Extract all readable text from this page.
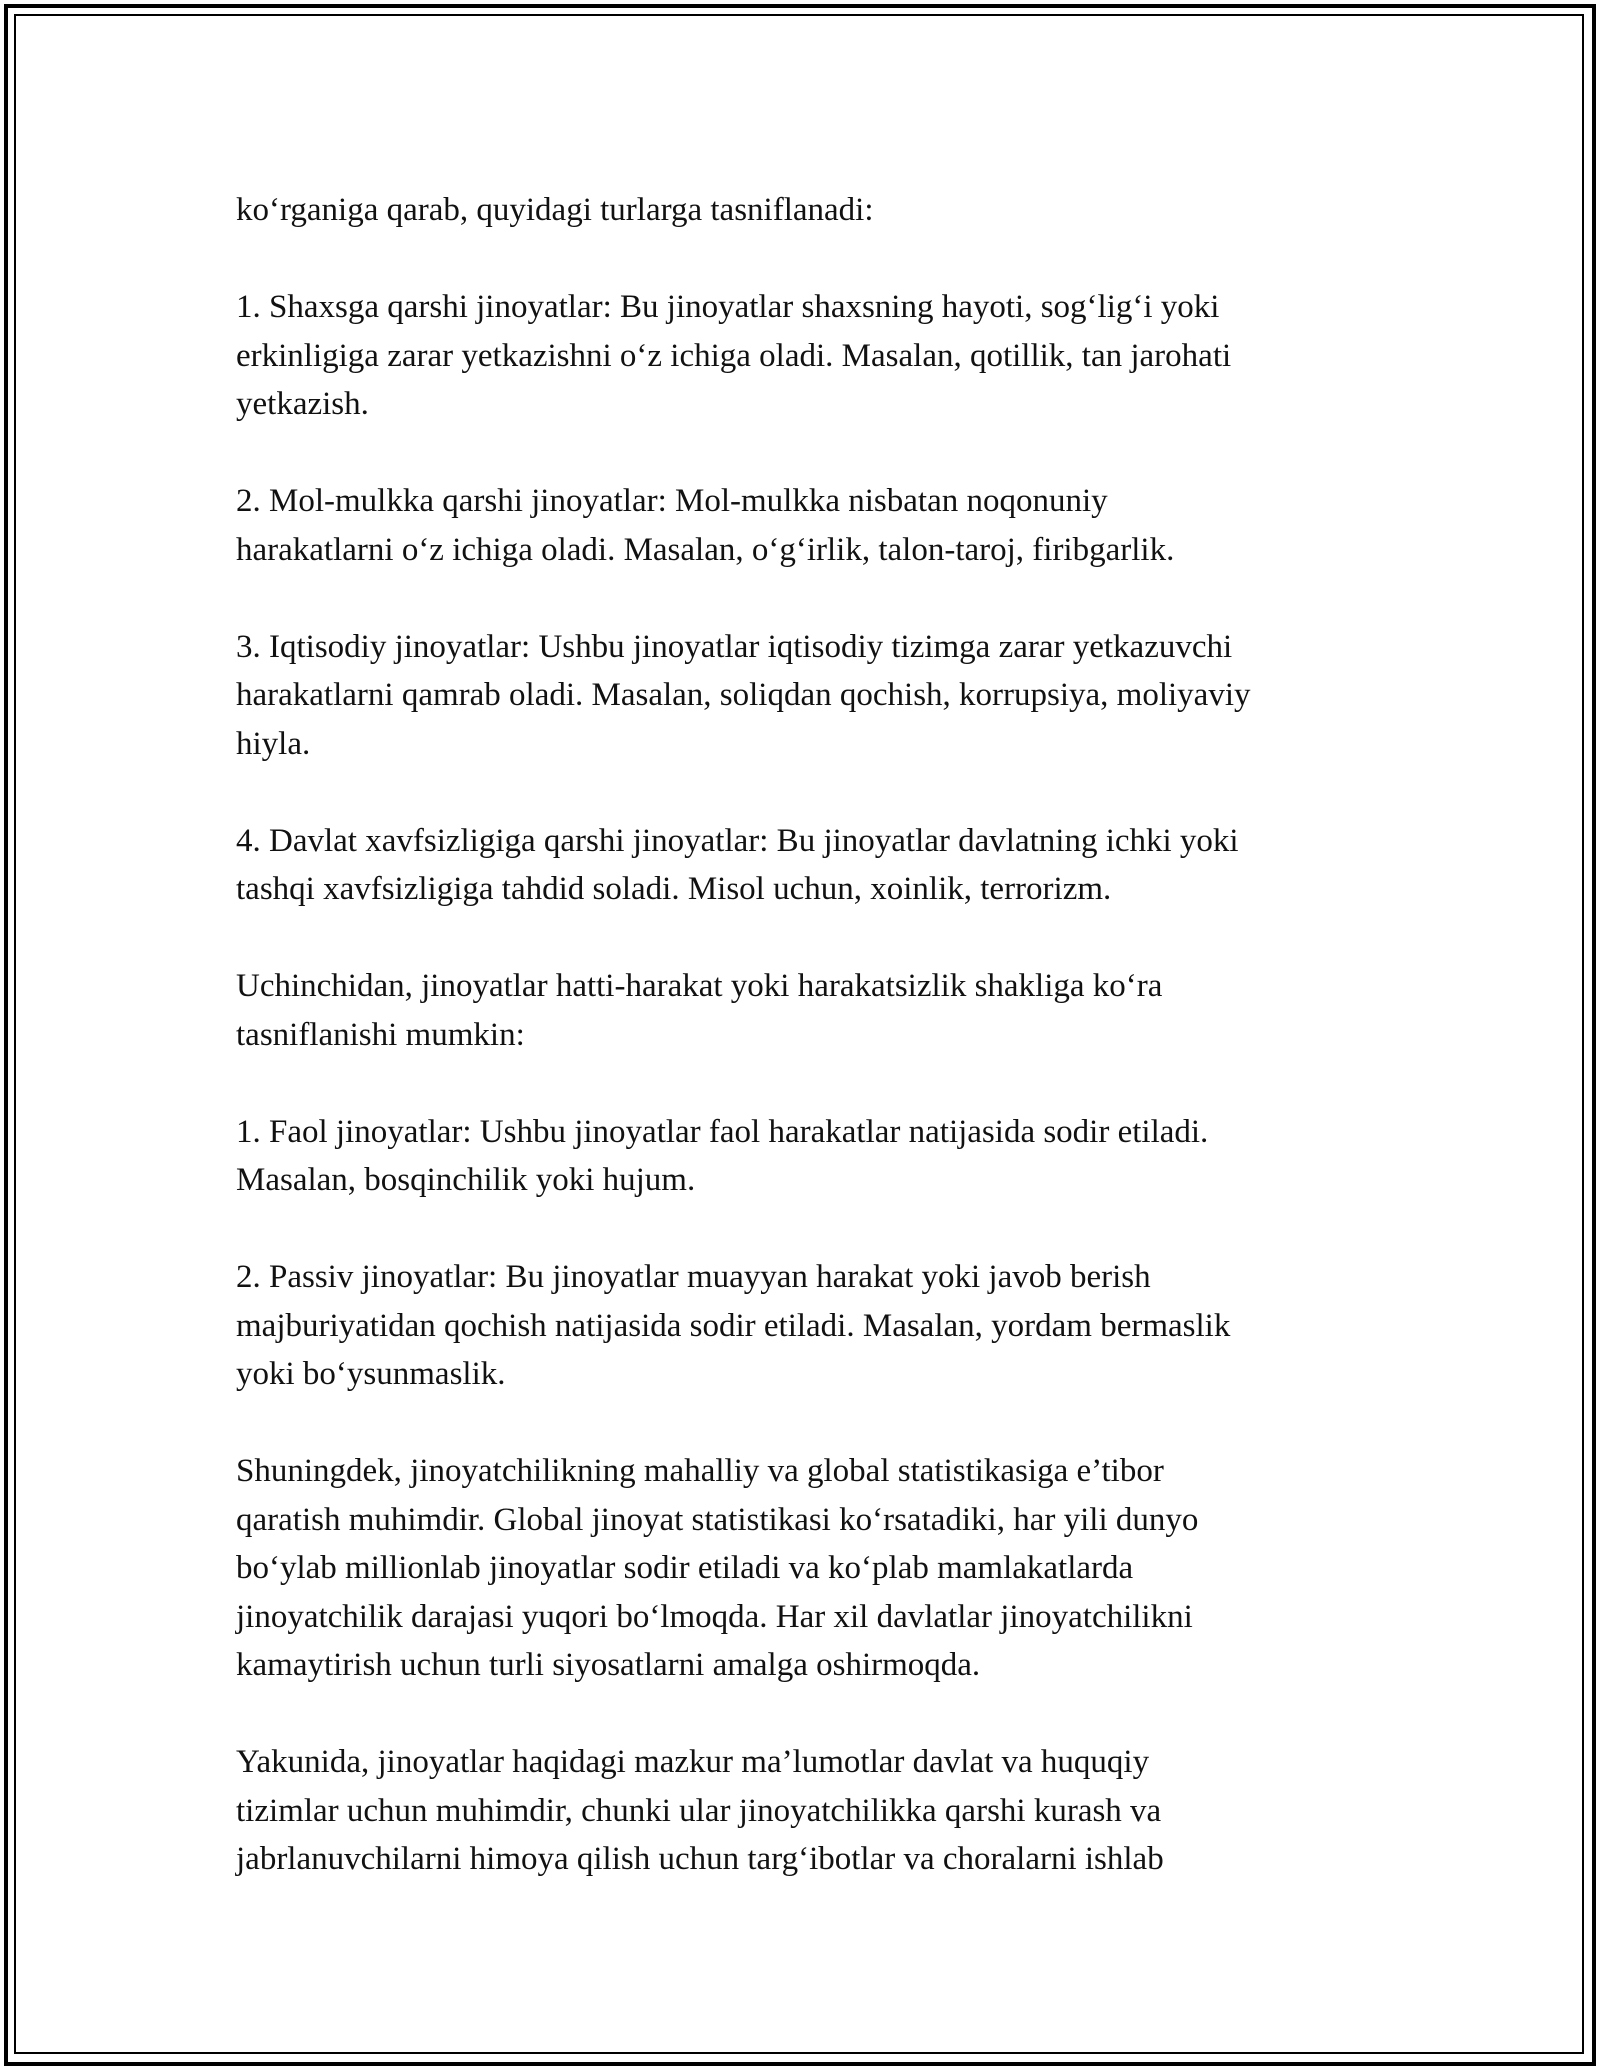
ko‘rganiga qarab, quyidagi turlarga tasniflanadi:

1. Shaxsga qarshi jinoyatlar: Bu jinoyatlar shaxsning hayoti, sog‘lig‘i yoki
erkinligiga zarar yetkazishni o‘z ichiga oladi. Masalan, qotillik, tan jarohati
yetkazish.

2. Mol-mulkka qarshi jinoyatlar: Mol-mulkka nisbatan noqonuniy
harakatlarni o‘z ichiga oladi. Masalan, o‘g‘irlik, talon-taroj, firibgarlik.

3. Iqtisodiy jinoyatlar: Ushbu jinoyatlar iqtisodiy tizimga zarar yetkazuvchi
harakatlarni qamrab oladi. Masalan, soliqdan qochish, korrupsiya, moliyaviy
hiyla.

4. Davlat xavfsizligiga qarshi jinoyatlar: Bu jinoyatlar davlatning ichki yoki
tashqi xavfsizligiga tahdid soladi. Misol uchun, xoinlik, terrorizm.

Uchinchidan, jinoyatlar hatti-harakat yoki harakatsizlik shakliga ko‘ra
tasniflanishi mumkin:

1. Faol jinoyatlar: Ushbu jinoyatlar faol harakatlar natijasida sodir etiladi.
Masalan, bosqinchilik yoki hujum.

2. Passiv jinoyatlar: Bu jinoyatlar muayyan harakat yoki javob berish
majburiyatidan qochish natijasida sodir etiladi. Masalan, yordam bermaslik
yoki bo‘ysunmaslik.

Shuningdek, jinoyatchilikning mahalliy va global statistikasiga e’tibor
qaratish muhimdir. Global jinoyat statistikasi ko‘rsatadiki, har yili dunyo
bo‘ylab millionlab jinoyatlar sodir etiladi va ko‘plab mamlakatlarda
jinoyatchilik darajasi yuqori bo‘lmoqda. Har xil davlatlar jinoyatchilikni
kamaytirish uchun turli siyosatlarni amalga oshirmoqda.

Yakunida, jinoyatlar haqidagi mazkur ma’lumotlar davlat va huquqiy
tizimlar uchun muhimdir, chunki ular jinoyatchilikka qarshi kurash va
jabrlanuvchilarni himoya qilish uchun targ‘ibotlar va choralarni ishlab
